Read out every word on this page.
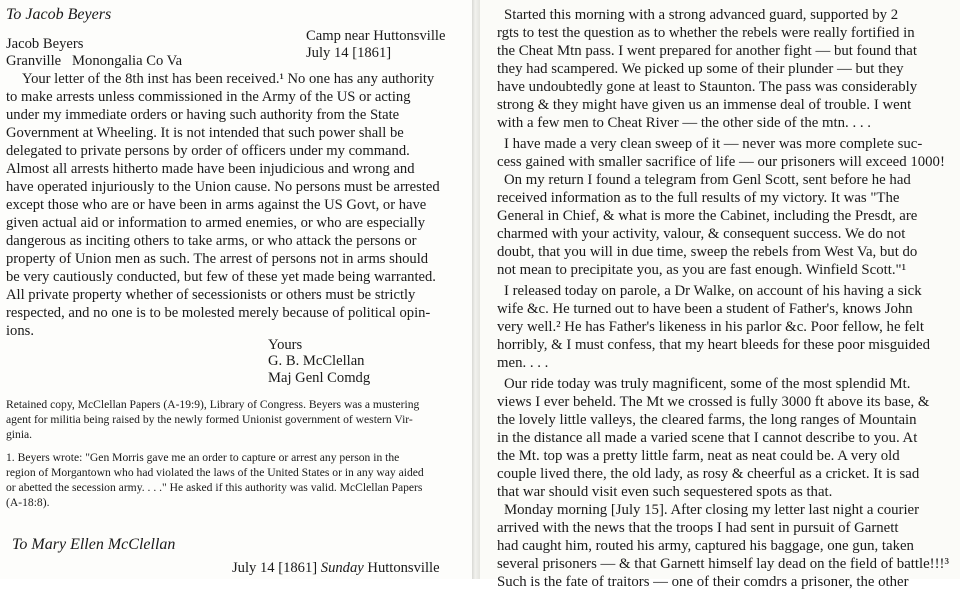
To Jacob Beyers
Jacob Beyers
Granville   Monongalia Co Va
Camp near Huttonsville
July 14 [1861]
Your letter of the 8th inst has been received.¹ No one has any authority
to make arrests unless commissioned in the Army of the US or acting
under my immediate orders or having such authority from the State
Government at Wheeling. It is not intended that such power shall be
delegated to private persons by order of officers under my command.
Almost all arrests hitherto made have been injudicious and wrong and
have operated injuriously to the Union cause. No persons must be arrested
except those who are or have been in arms against the US Govt, or have
given actual aid or information to armed enemies, or who are especially
dangerous as inciting others to take arms, or who attack the persons or
property of Union men as such. The arrest of persons not in arms should
be very cautiously conducted, but few of these yet made being warranted.
All private property whether of secessionists or others must be strictly
respected, and no one is to be molested merely because of political opin-
ions.
Yours
G. B. McClellan
Maj Genl Comdg
Retained copy, McClellan Papers (A-19:9), Library of Congress. Beyers was a mustering
agent for militia being raised by the newly formed Unionist government of western Vir-
ginia.
1. Beyers wrote: "Gen Morris gave me an order to capture or arrest any person in the
region of Morgantown who had violated the laws of the United States or in any way aided
or abetted the secession army. . . ." He asked if this authority was valid. McClellan Papers
(A-18:8).
To Mary Ellen McClellan
July 14 [1861] Sunday Huttonsville
Started this morning with a strong advanced guard, supported by 2
rgts to test the question as to whether the rebels were really fortified in
the Cheat Mtn pass. I went prepared for another fight — but found that
they had scampered. We picked up some of their plunder — but they
have undoubtedly gone at least to Staunton. The pass was considerably
strong & they might have given us an immense deal of trouble. I went
with a few men to Cheat River — the other side of the mtn. . . .
I have made a very clean sweep of it — never was more complete suc-
cess gained with smaller sacrifice of life — our prisoners will exceed 1000!
On my return I found a telegram from Genl Scott, sent before he had
received information as to the full results of my victory. It was "The
General in Chief, & what is more the Cabinet, including the Presdt, are
charmed with your activity, valour, & consequent success. We do not
doubt, that you will in due time, sweep the rebels from West Va, but do
not mean to precipitate you, as you are fast enough. Winfield Scott."¹
I released today on parole, a Dr Walke, on account of his having a sick
wife &c. He turned out to have been a student of Father's, knows John
very well.² He has Father's likeness in his parlor &c. Poor fellow, he felt
horribly, & I must confess, that my heart bleeds for these poor misguided
men. . . .
Our ride today was truly magnificent, some of the most splendid Mt.
views I ever beheld. The Mt we crossed is fully 3000 ft above its base, &
the lovely little valleys, the cleared farms, the long ranges of Mountain
in the distance all made a varied scene that I cannot describe to you. At
the Mt. top was a pretty little farm, neat as neat could be. A very old
couple lived there, the old lady, as rosy & cheerful as a cricket. It is sad
that war should visit even such sequestered spots as that.
Monday morning [July 15]. After closing my letter last night a courier
arrived with the news that the troops I had sent in pursuit of Garnett
had caught him, routed his army, captured his baggage, one gun, taken
several prisoners — & that Garnett himself lay dead on the field of battle!!!³
Such is the fate of traitors — one of their comdrs a prisoner, the other
